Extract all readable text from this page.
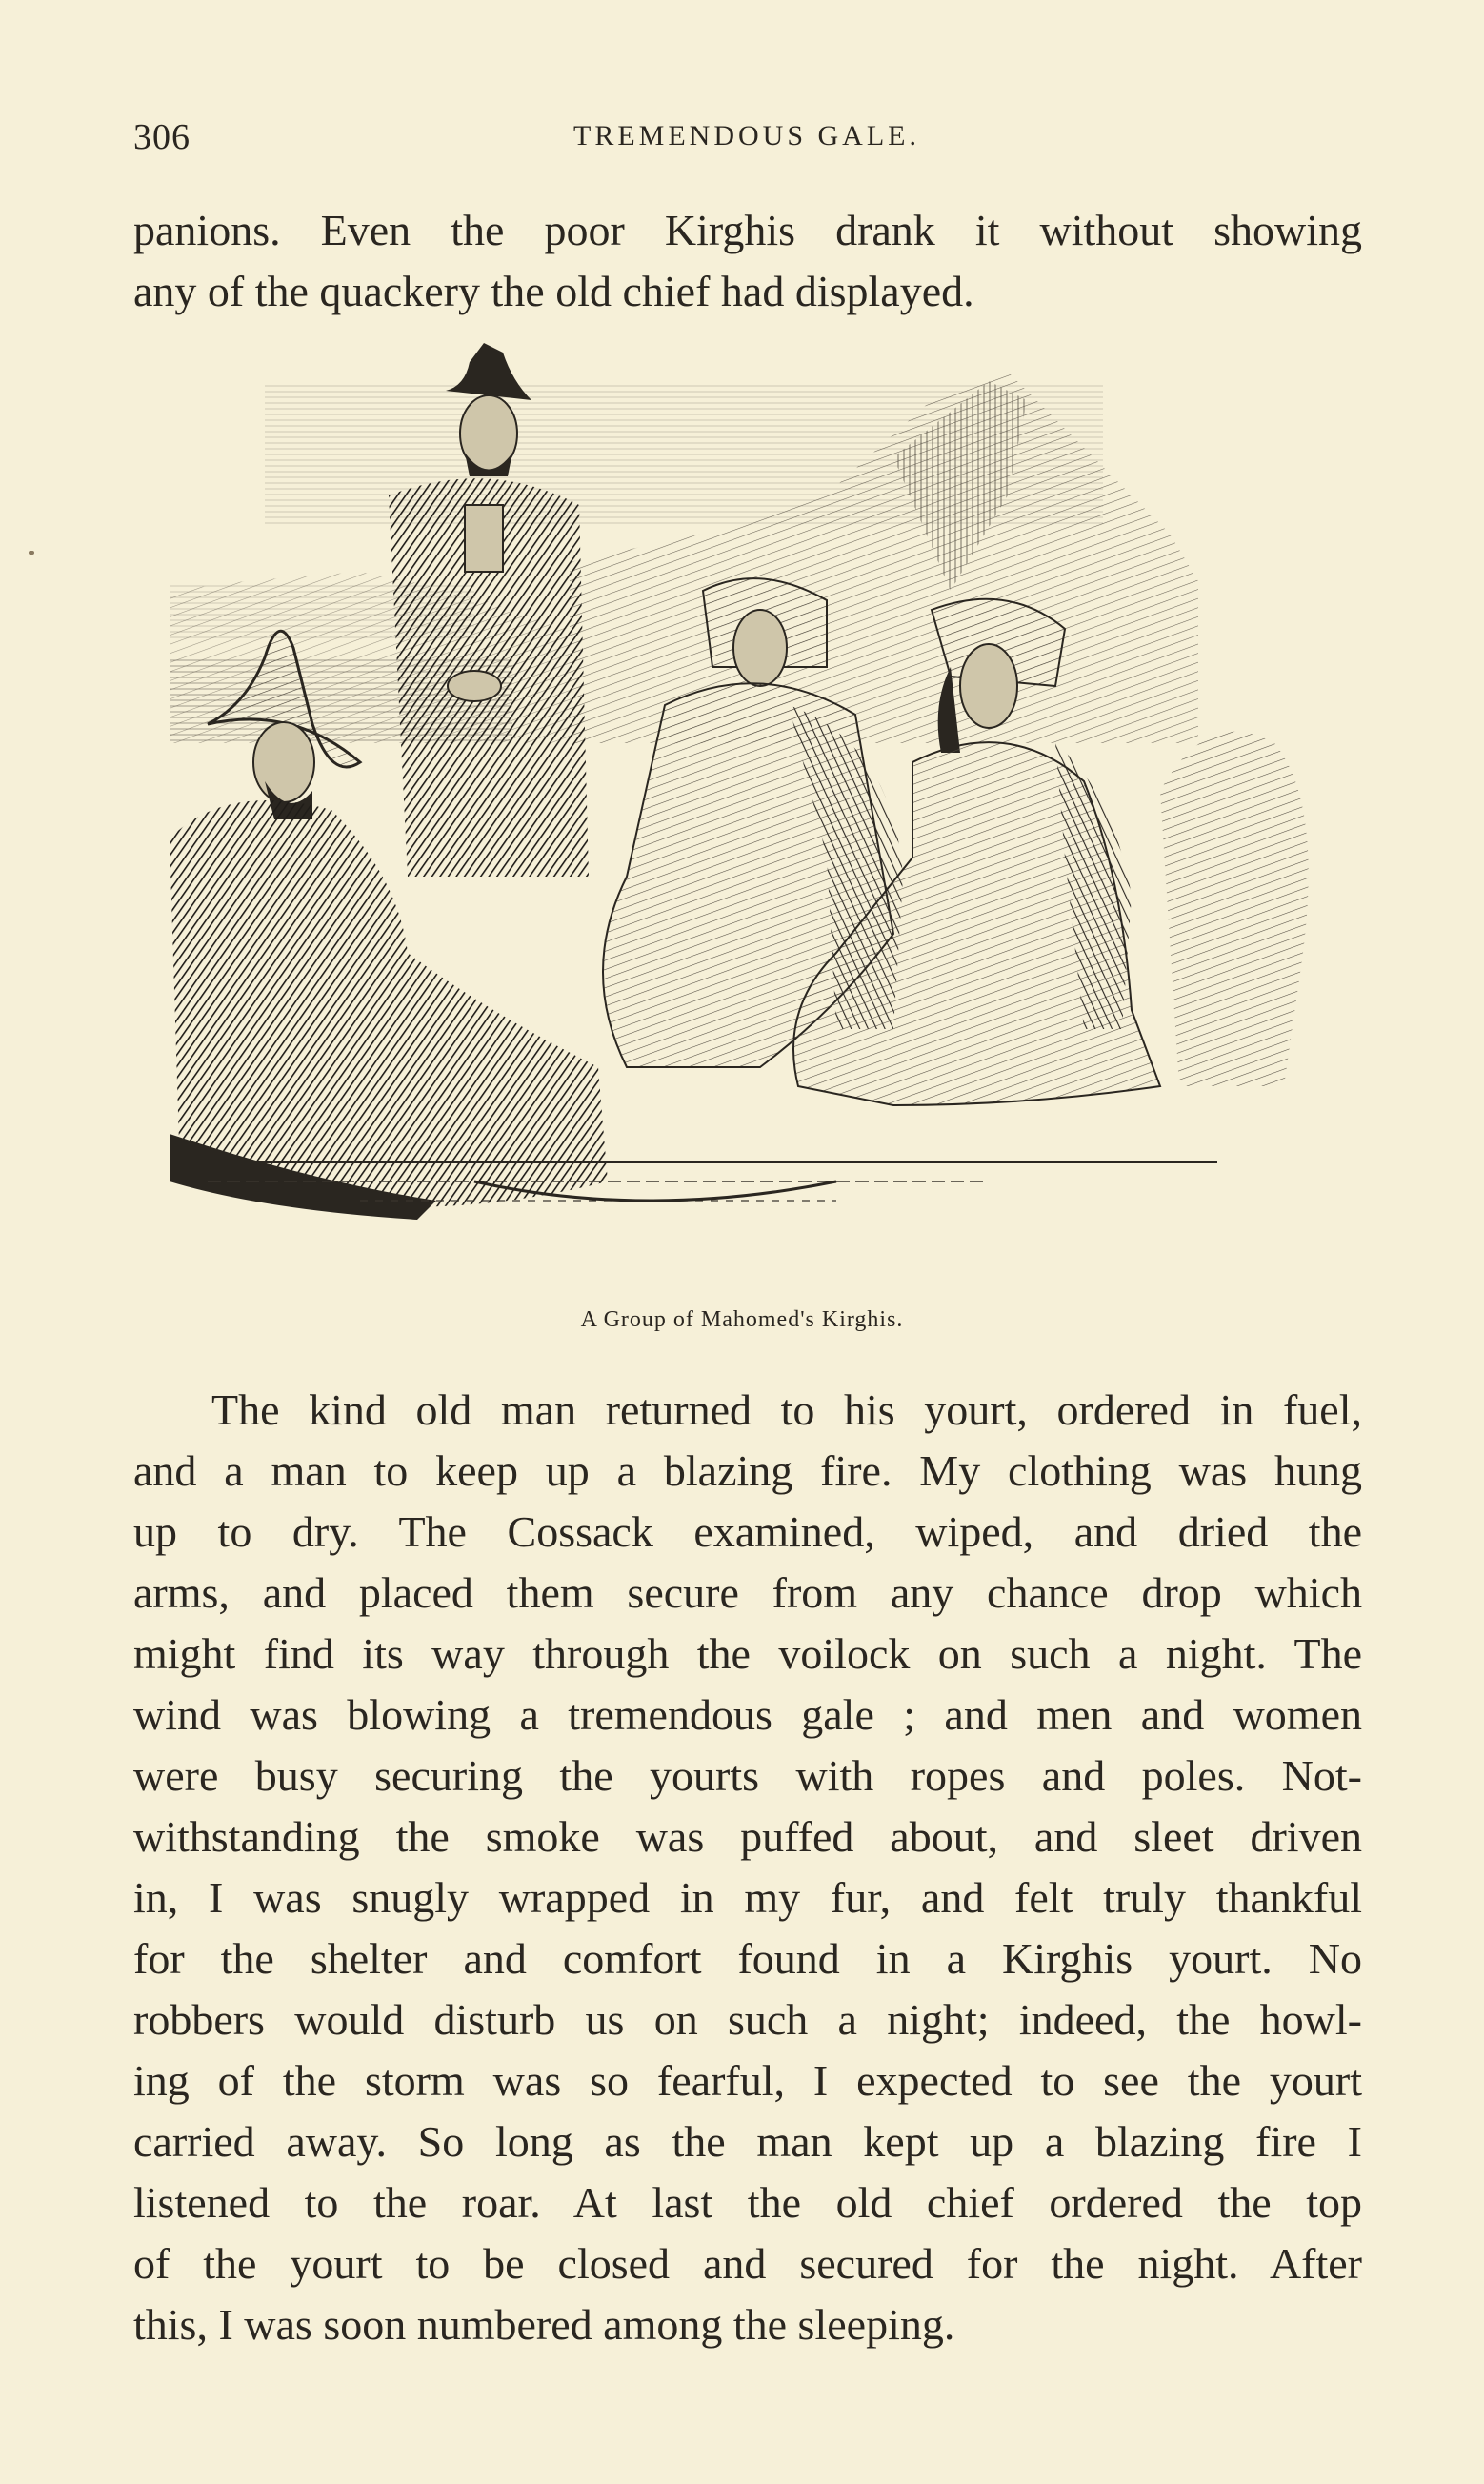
306	TREMENDOUS GALE.
panions. Even the poor Kirghis drank it without showing
any of the quackery the old chief had displayed.
A Group of Mahomed's Kirghis.
The kind old man returned to his yourt, ordered in fuel,
and a man to keep up a blazing fire. My clothing was hung
up to dry. The Cossack examined, wiped, and dried the
arms, and placed them secure from any chance drop which
might find its way through the voilock on such a night. The
wind was blowing a tremendous gale ; and men and women
were busy securing the yourts with ropes and poles. Not-
withstanding the smoke was puffed about, and sleet driven
in, I was snugly wrapped in my fur, and felt truly thankful
for the shelter and comfort found in a Kirghis yourt. No
robbers would disturb us on such a night; indeed, the howl-
ing of the storm was so fearful, I expected to see the yourt
carried away. So long as the man kept up a blazing fire I
listened to the roar. At last the old chief ordered the top
of the yourt to be closed and secured for the night. After
this, I was soon numbered among the sleeping.
